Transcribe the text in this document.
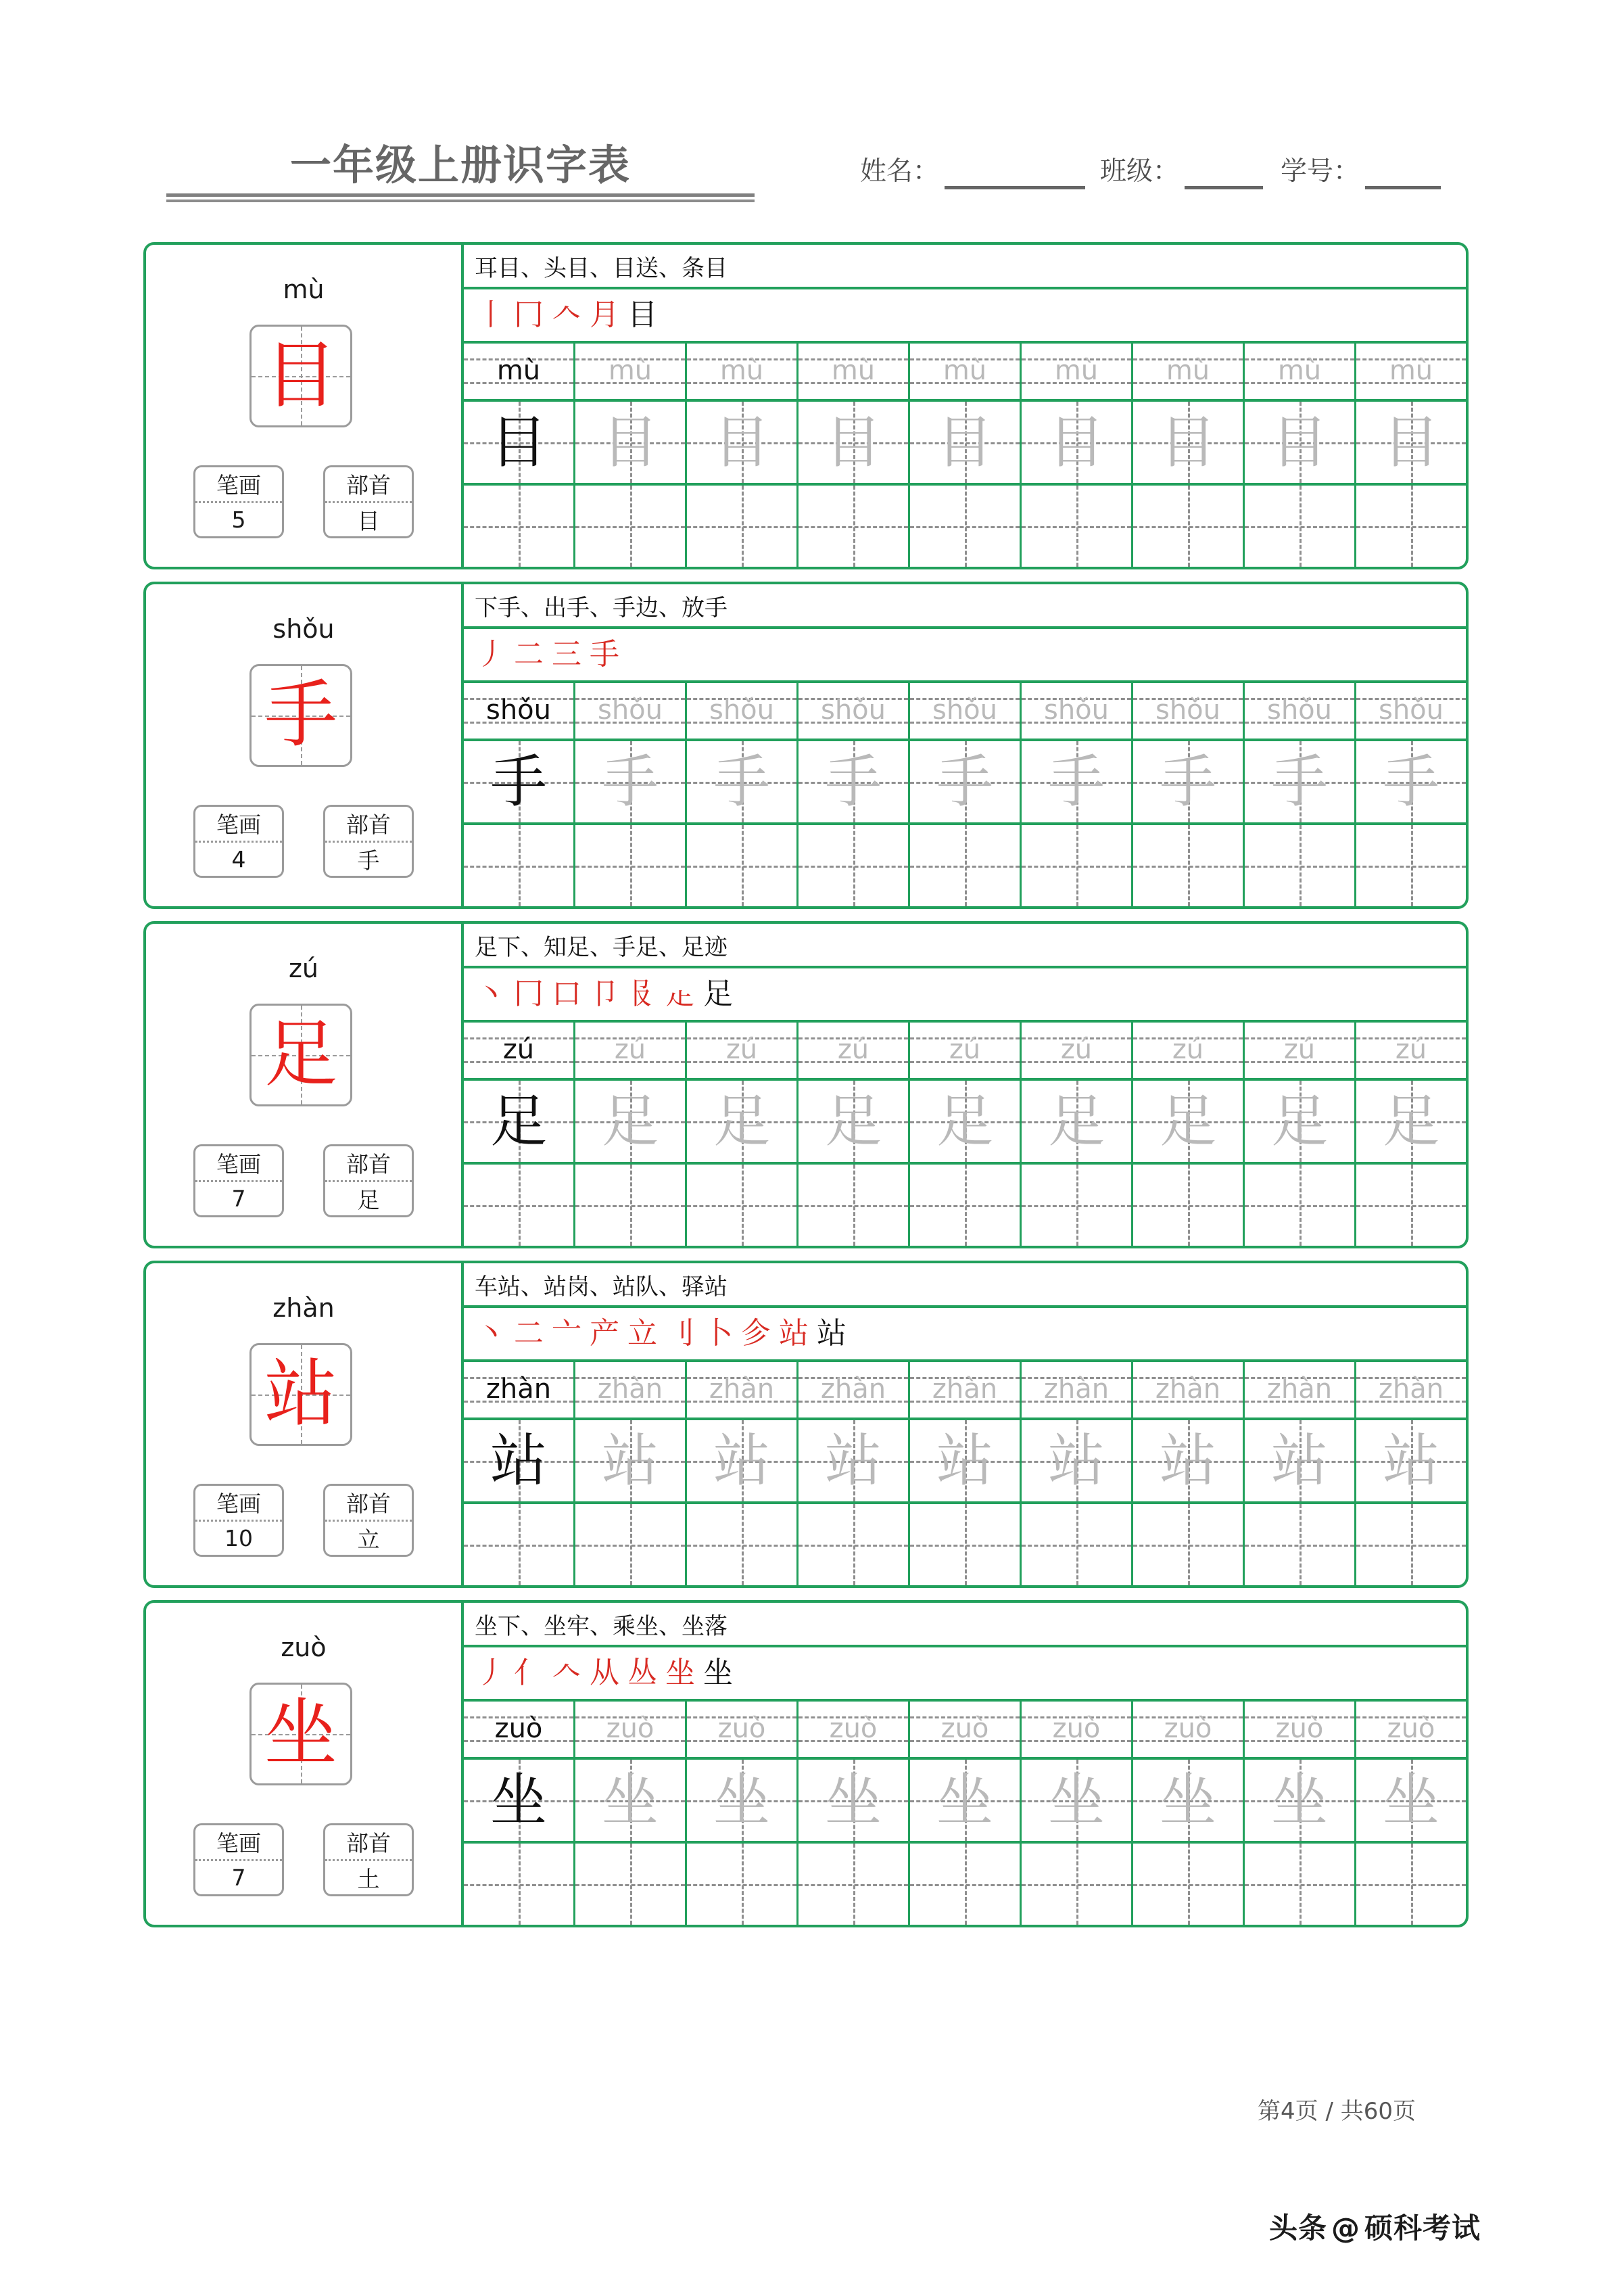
一年级上册识字表	姓名：	班级：	学号：
mù
目
笔画
5
部首
目
耳目、头目、目送、条目
丨 冂 𠆢 月 目
mù	mù	mù	mù	mù	mù	mù	mù	mù
目 目 目 目 目 目 目 目 目
shǒu
手
笔画
4
部首
手
下手、出手、手边、放手
丿 二 三 手
shǒu shǒu shǒu shǒu shǒu shǒu shǒu shǒu shǒu
手 手 手 手 手 手 手 手 手
zú
足
笔画
7
部首
足
足下、知足、手足、足迹
丶 冂 口 卩 𠬝 龰 足
zú	zú	zú	zú	zú	zú	zú	zú	zú
足 足 足 足 足 足 足 足 足
zhàn
站
笔画
10
部首
立
车站、站岗、站队、驿站
丶 二 亠 产 立 刂 卜 㐱 站 站
zhàn zhàn zhàn zhàn zhàn zhàn zhàn zhàn zhàn
站 站 站 站 站 站 站 站 站
zuò
坐
笔画
7
部首
土
坐下、坐牢、乘坐、坐落
丿 亻 𠆢 从 丛 坐 坐
zuò zuò zuò zuò zuò zuò zuò zuò zuò
坐 坐 坐 坐 坐 坐 坐 坐 坐
第4页 / 共60页
头条 @ 硕科考试
